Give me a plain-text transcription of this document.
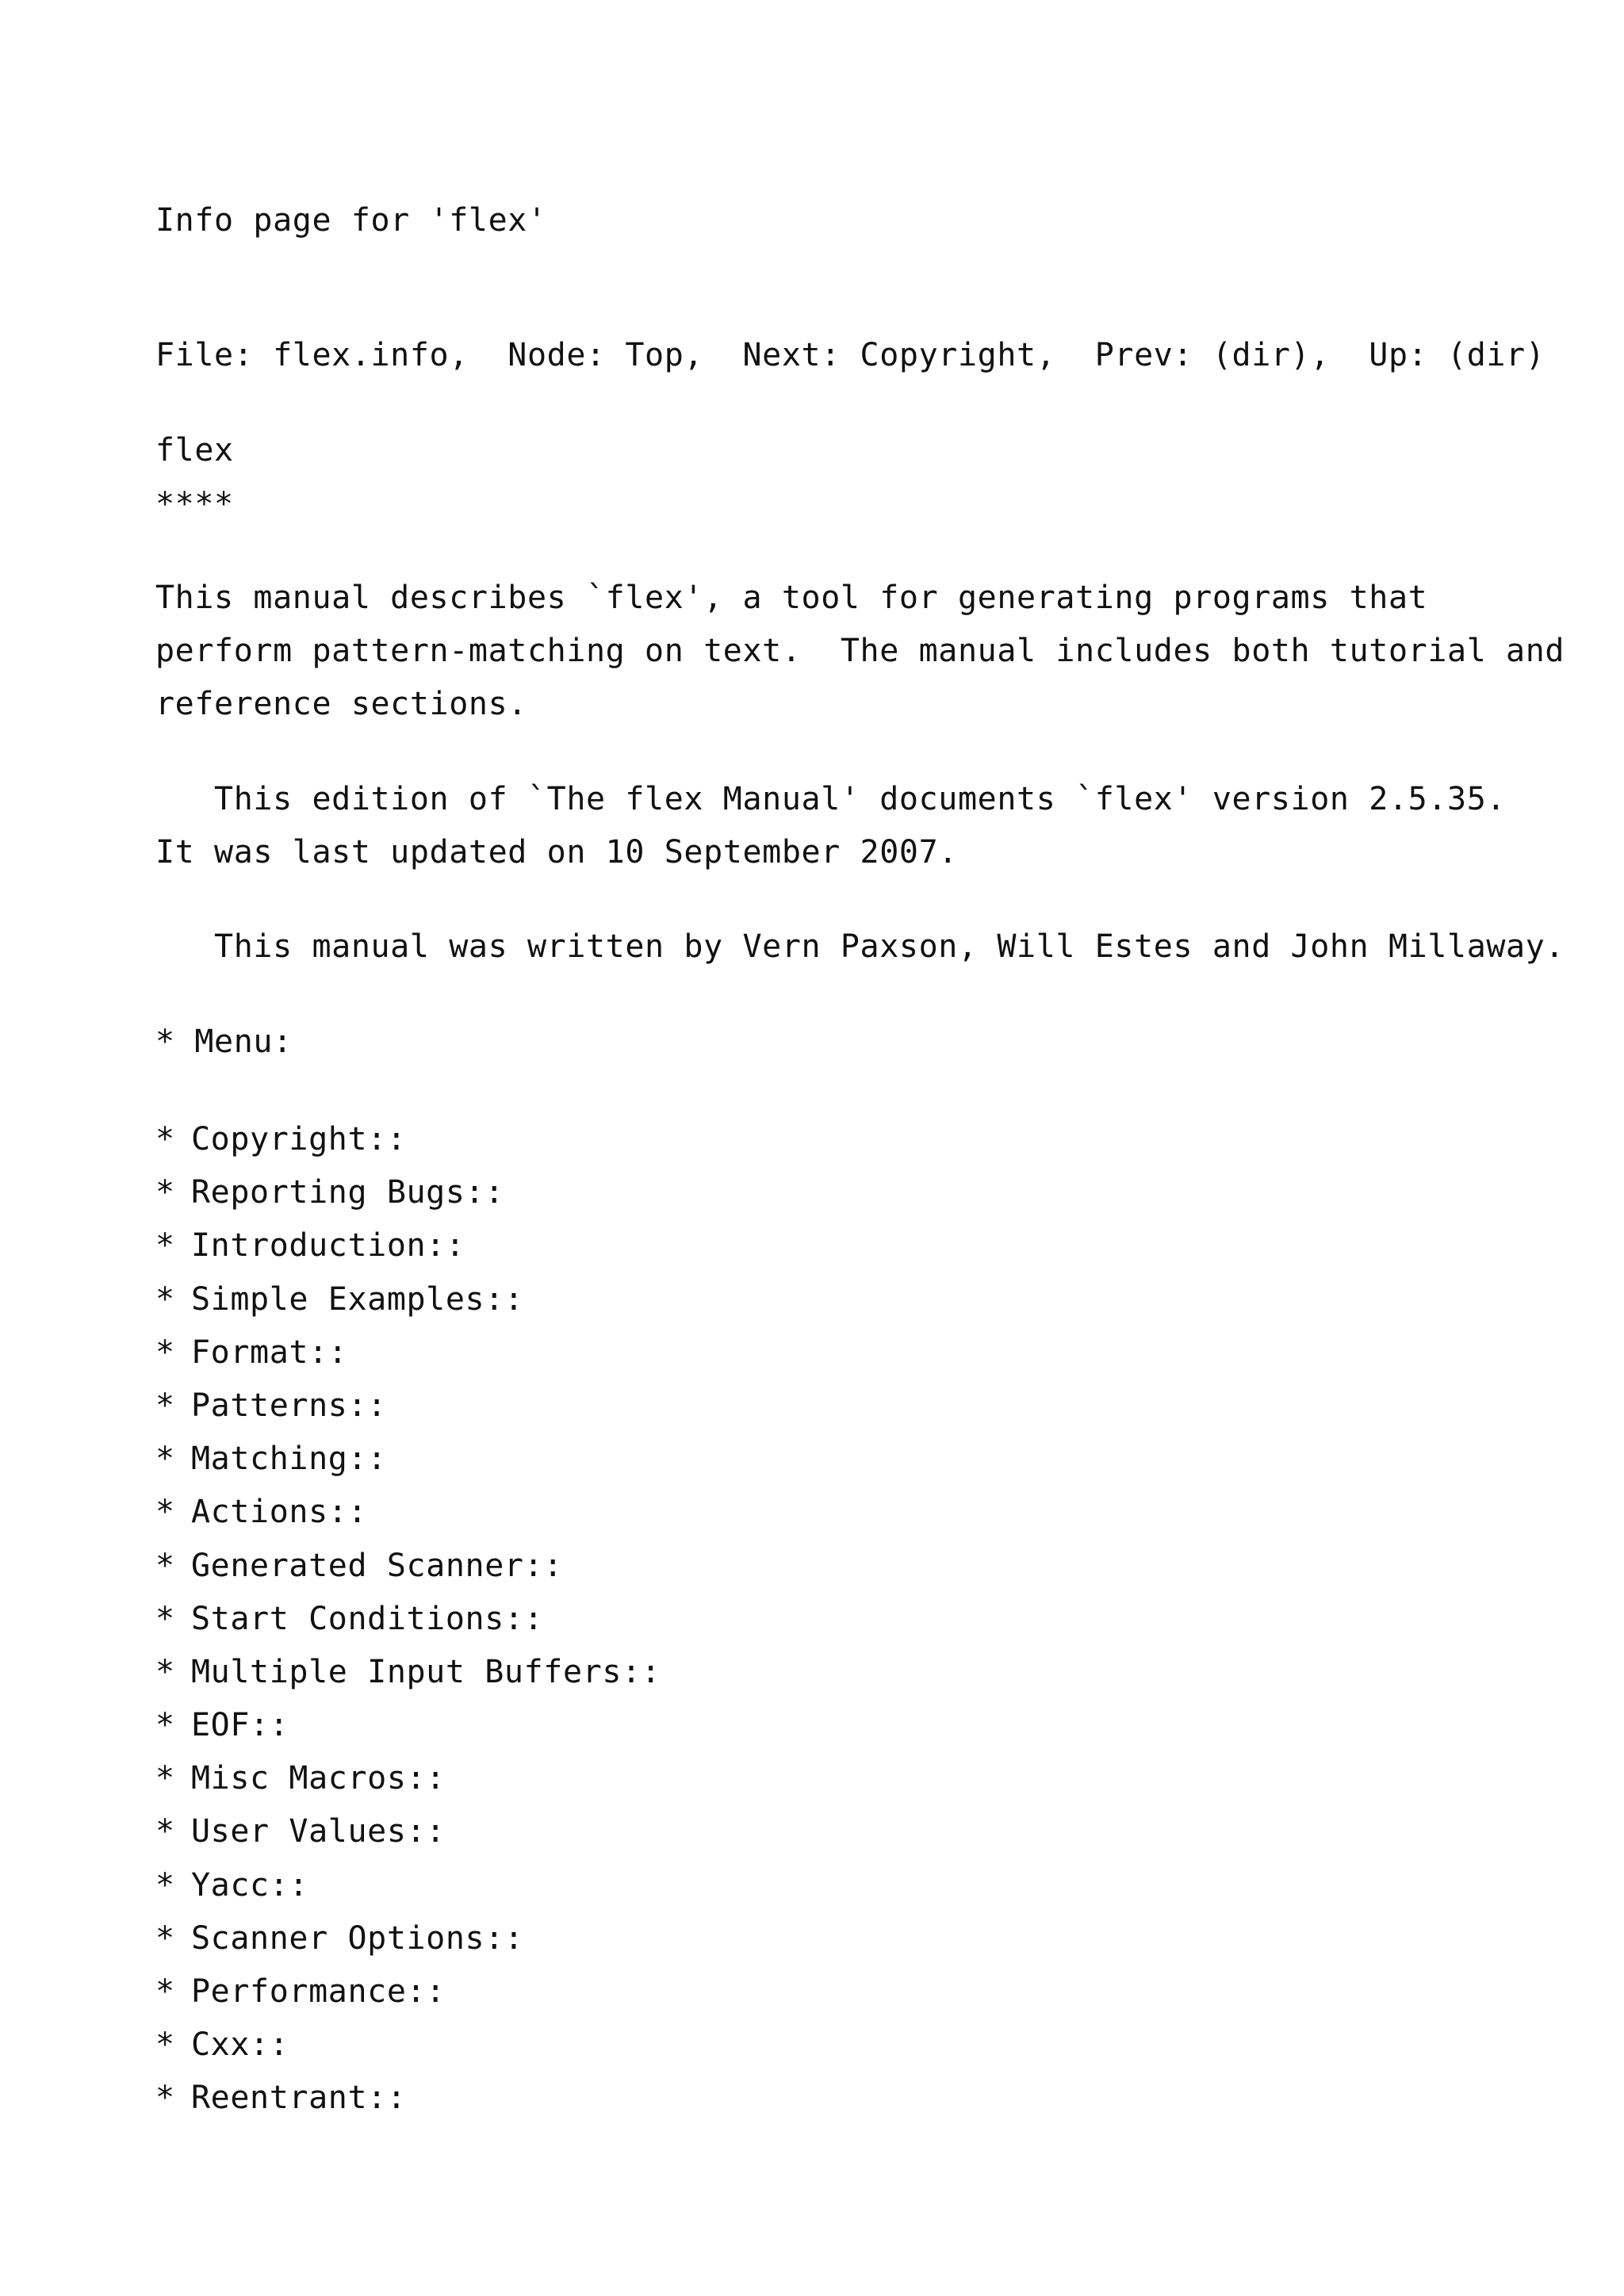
Info page for 'flex'
File: flex.info,  Node: Top,  Next: Copyright,  Prev: (dir),  Up: (dir)
flex
****
This manual describes `flex', a tool for generating programs that
perform pattern-matching on text.  The manual includes both tutorial and
reference sections.
This edition of `The flex Manual' documents `flex' version 2.5.35.
It was last updated on 10 September 2007.
This manual was written by Vern Paxson, Will Estes and John Millaway.
* Menu:
* Copyright::
* Reporting Bugs::
* Introduction::
* Simple Examples::
* Format::
* Patterns::
* Matching::
* Actions::
* Generated Scanner::
* Start Conditions::
* Multiple Input Buffers::
* EOF::
* Misc Macros::
* User Values::
* Yacc::
* Scanner Options::
* Performance::
* Cxx::
* Reentrant::
